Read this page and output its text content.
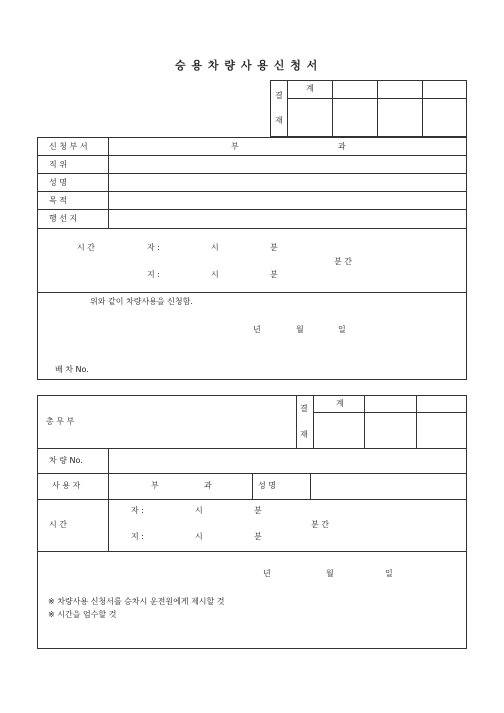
승 용 차 량 사 용 신 청 서
결
재
계
신 청 부 서	부	과
직 위
성 명
목 적
행 선 지
시 간	자 :	시	분
분 간
지 :	시	분
위와 같이 차량사용을 신청함.
년	월	일
배 차 No.
결
재
계
총 무 부
차 량 No.
사 용 자	부	과	성 명
시 간
자 :	시	분
분 간
지 :	시	분
년	월	일
※ 차량사용 신청서를 승차시 운전원에게 제시할 것
※ 시간을 엄수할 것
